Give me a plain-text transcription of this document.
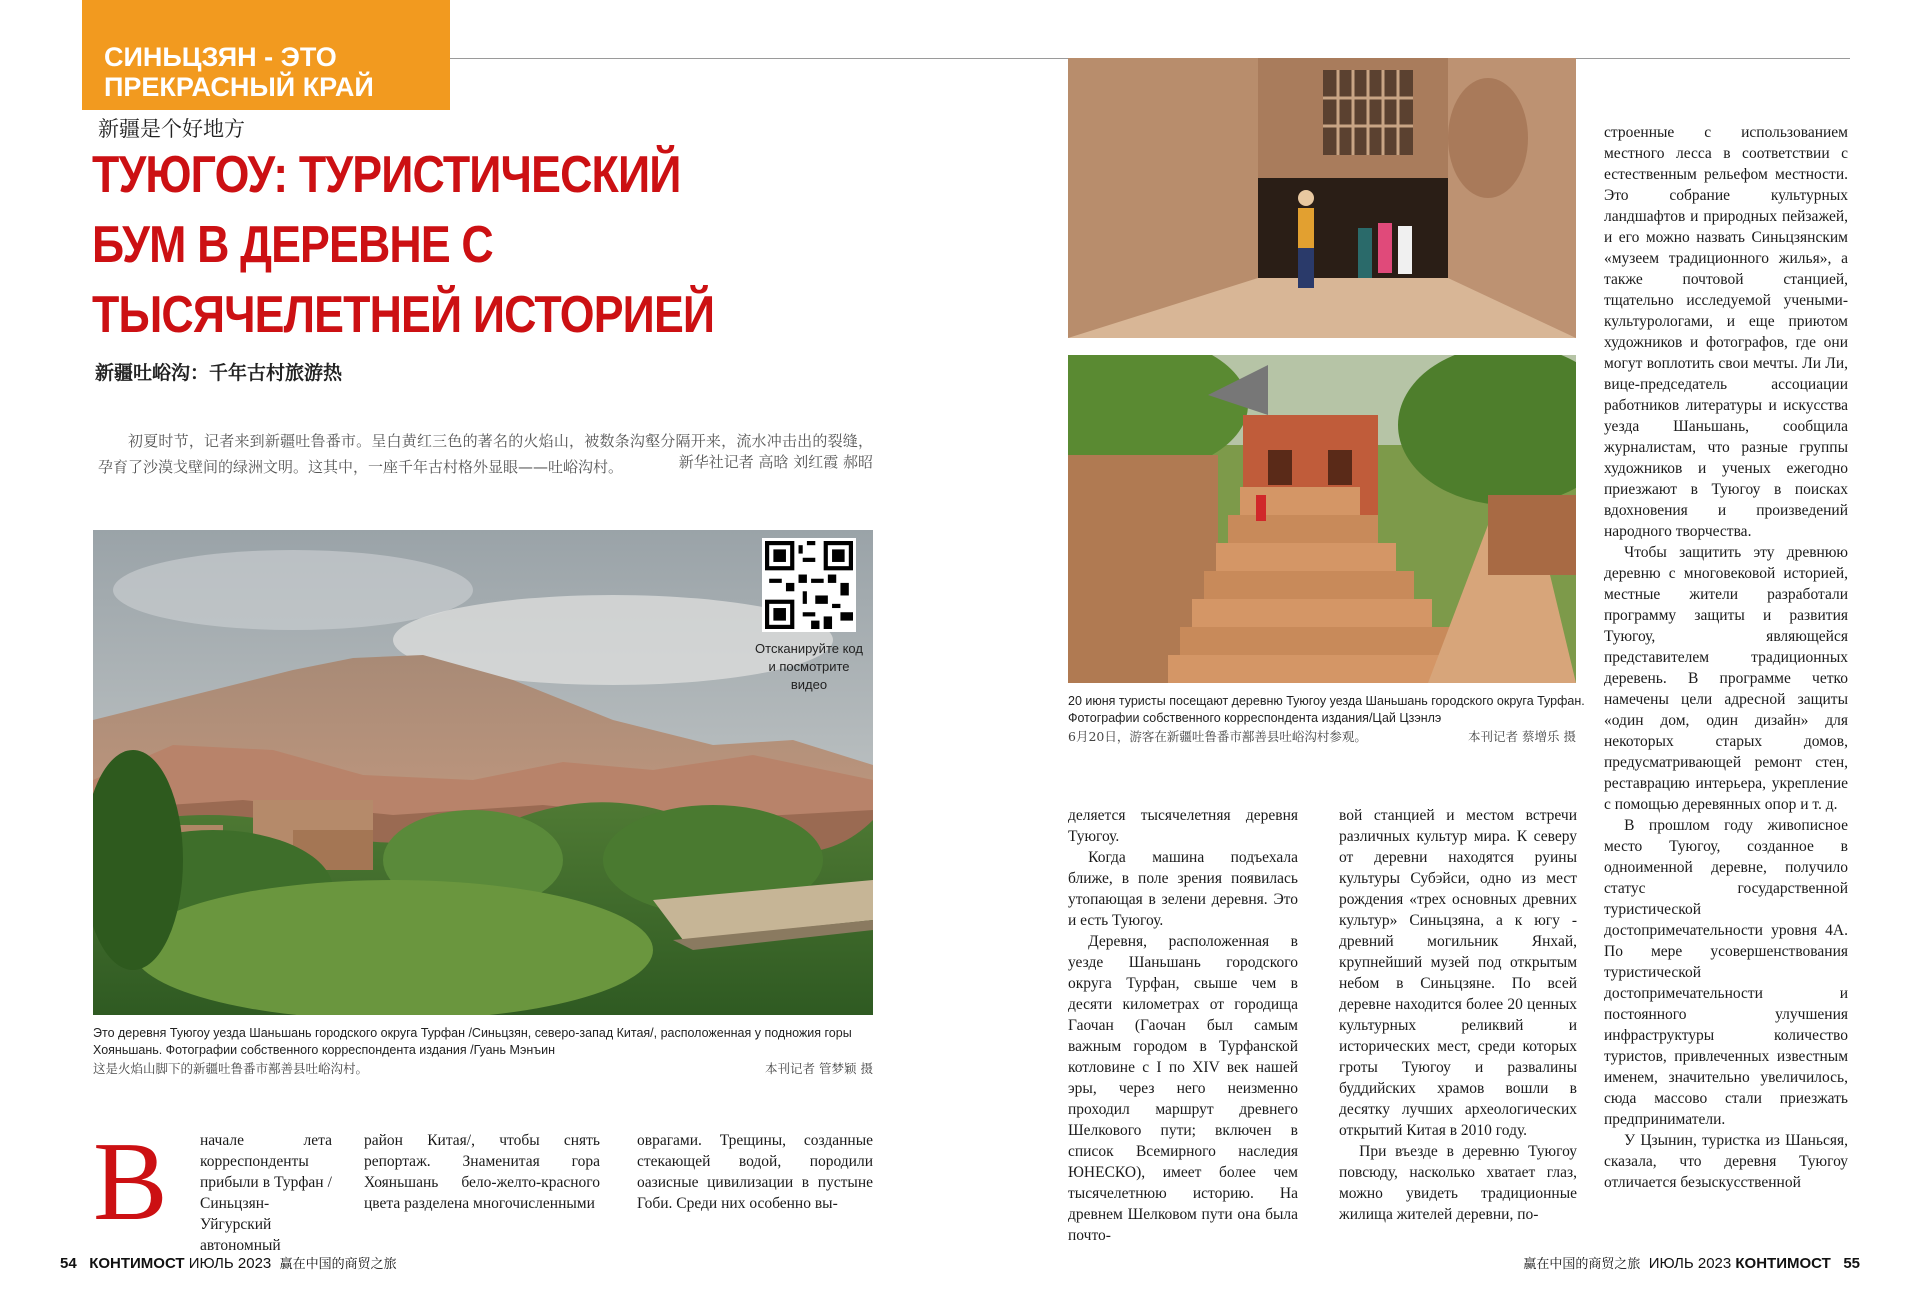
СИНЬЦЗЯН - ЭТО
ПРЕКРАСНЫЙ КРАЙ
新疆是个好地方
ТУЮГОУ: ТУРИСТИЧЕСКИЙ БУМ В ДЕРЕВНЕ С ТЫСЯЧЕЛЕТНЕЙ ИСТОРИЕЙ
新疆吐峪沟：千年古村旅游热
初夏时节，记者来到新疆吐鲁番市。呈白黄红三色的著名的火焰山，被数条沟壑分隔开来，流水冲击出的裂缝，孕育了沙漠戈壁间的绿洲文明。这其中，一座千年古村格外显眼——吐峪沟村。	新华社记者 高晗 刘红霞 郝昭
Отсканируйте код и посмотрите видео
Это деревня Туюгоу уезда Шаньшань городского округа Турфан /Синьцзян, северо-запад Китая/, расположенная у подножия горы Хояньшань. Фотографии собственного корреспондента издания /Гуань Мэнъин
这是火焰山脚下的新疆吐鲁番市鄯善县吐峪沟村。	本刊记者 管梦颖 摄
20 июня туристы посещают деревню Туюгоу уезда Шаньшань городского округа Турфан. Фотографии собственного корреспондента издания/Цай Цзэнлэ
6月20日，游客在新疆吐鲁番市鄯善县吐峪沟村参观。	本刊记者 蔡增乐 摄
В начале лета корреспонденты прибыли в Турфан /Синьцзян-Уйгурский автономный

район Китая/, чтобы снять репортаж. Знаменитая гора Хояньшань бело-желто-красного цвета разделена многочисленными

оврагами. Трещины, созданные стекающей водой, породили оазисные цивилизации в пустыне Гоби. Среди них особенно вы-

деляется тысячелетняя деревня Туюгоу.

Когда машина подъехала ближе, в поле зрения появилась утопающая в зелени деревня. Это и есть Туюгоу.

Деревня, расположенная в уезде Шаньшань городского округа Турфан, свыше чем в десяти километрах от городища Гаочан (Гаочан был самым важным городом в Турфанской котловине с I по XIV век нашей эры, через него неизменно проходил маршрут древнего Шелкового пути; включен в список Всемирного наследия ЮНЕСКО), имеет более чем тысячелетнюю историю. На древнем Шелковом пути она была почто-

вой станцией и местом встречи различных культур мира. К северу от деревни находятся руины культуры Субэйси, одно из мест рождения «трех основных древних культур» Синьцзяна, а к югу - древний могильник Янхай, крупнейший музей под открытым небом в Синьцзяне. По всей деревне находится более 20 ценных культурных реликвий и исторических мест, среди которых гроты Туюгоу и развалины буддийских храмов вошли в десятку лучших археологических открытий Китая в 2010 году.

При въезде в деревню Туюгоу повсюду, насколько хватает глаз, можно увидеть традиционные жилища жителей деревни, по-

строенные с использованием местного лесса в соответствии с естественным рельефом местности. Это собрание культурных ландшафтов и природных пейзажей, и его можно назвать Синьцзянским «музеем традиционного жилья», а также почтовой станцией, тщательно исследуемой учеными-культурологами, и еще приютом художников и фотографов, где они могут воплотить свои мечты. Ли Ли, вице-председатель ассоциации работников литературы и искусства уезда Шаньшань, сообщила журналистам, что разные группы художников и ученых ежегодно приезжают в Туюгоу в поисках вдохновения и произведений народного творчества.

Чтобы защитить эту древнюю деревню с многовековой историей, местные жители разработали программу защиты и развития Туюгоу, являющейся представителем традиционных деревень. В программе четко намечены цели адресной защиты «один дом, один дизайн» для некоторых старых домов, предусматривающей ремонт стен, реставрацию интерьера, укрепление с помощью деревянных опор и т. д.

В прошлом году живописное место Туюгоу, созданное в одноименной деревне, получило статус государственной туристической достопримечательности уровня 4А. По мере усовершенствования туристической достопримечательности и постоянного улучшения инфраструктуры количество туристов, привлеченных известным именем, значительно увеличилось, сюда массово стали приезжать предприниматели.

У Цзынин, туристка из Шаньсяя, сказала, что деревня Туюгоу отличается безыскусственной

54 КОНТИМОСТ ИЮЛЬ 2023 赢在中国的商贸之旅	赢在中国的商贸之旅 ИЮЛЬ 2023 КОНТИМОСТ 55
